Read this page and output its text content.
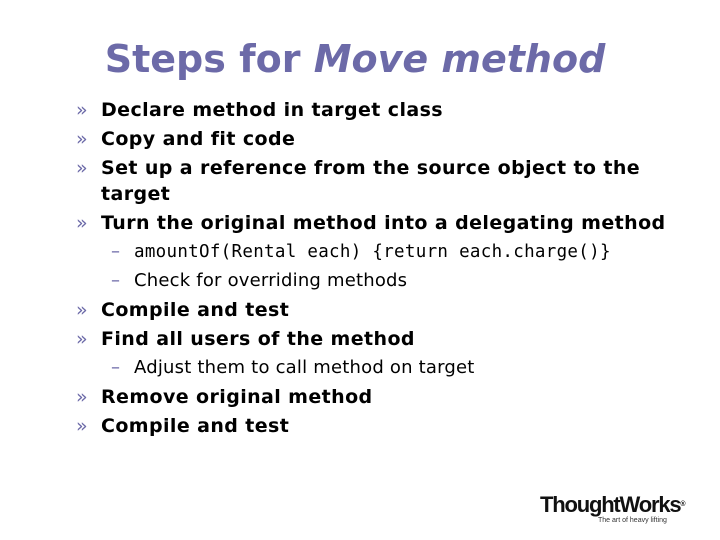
Steps for Move method
» Declare method in target class
» Copy and fit code
» Set up a reference from the source object to the target
» Turn the original method into a delegating method
– amountOf(Rental each) {return each.charge()}
– Check for overriding methods
» Compile and test
» Find all users of the method
– Adjust them to call method on target
» Remove original method
» Compile and test
ThoughtWorks®
The art of heavy lifting
